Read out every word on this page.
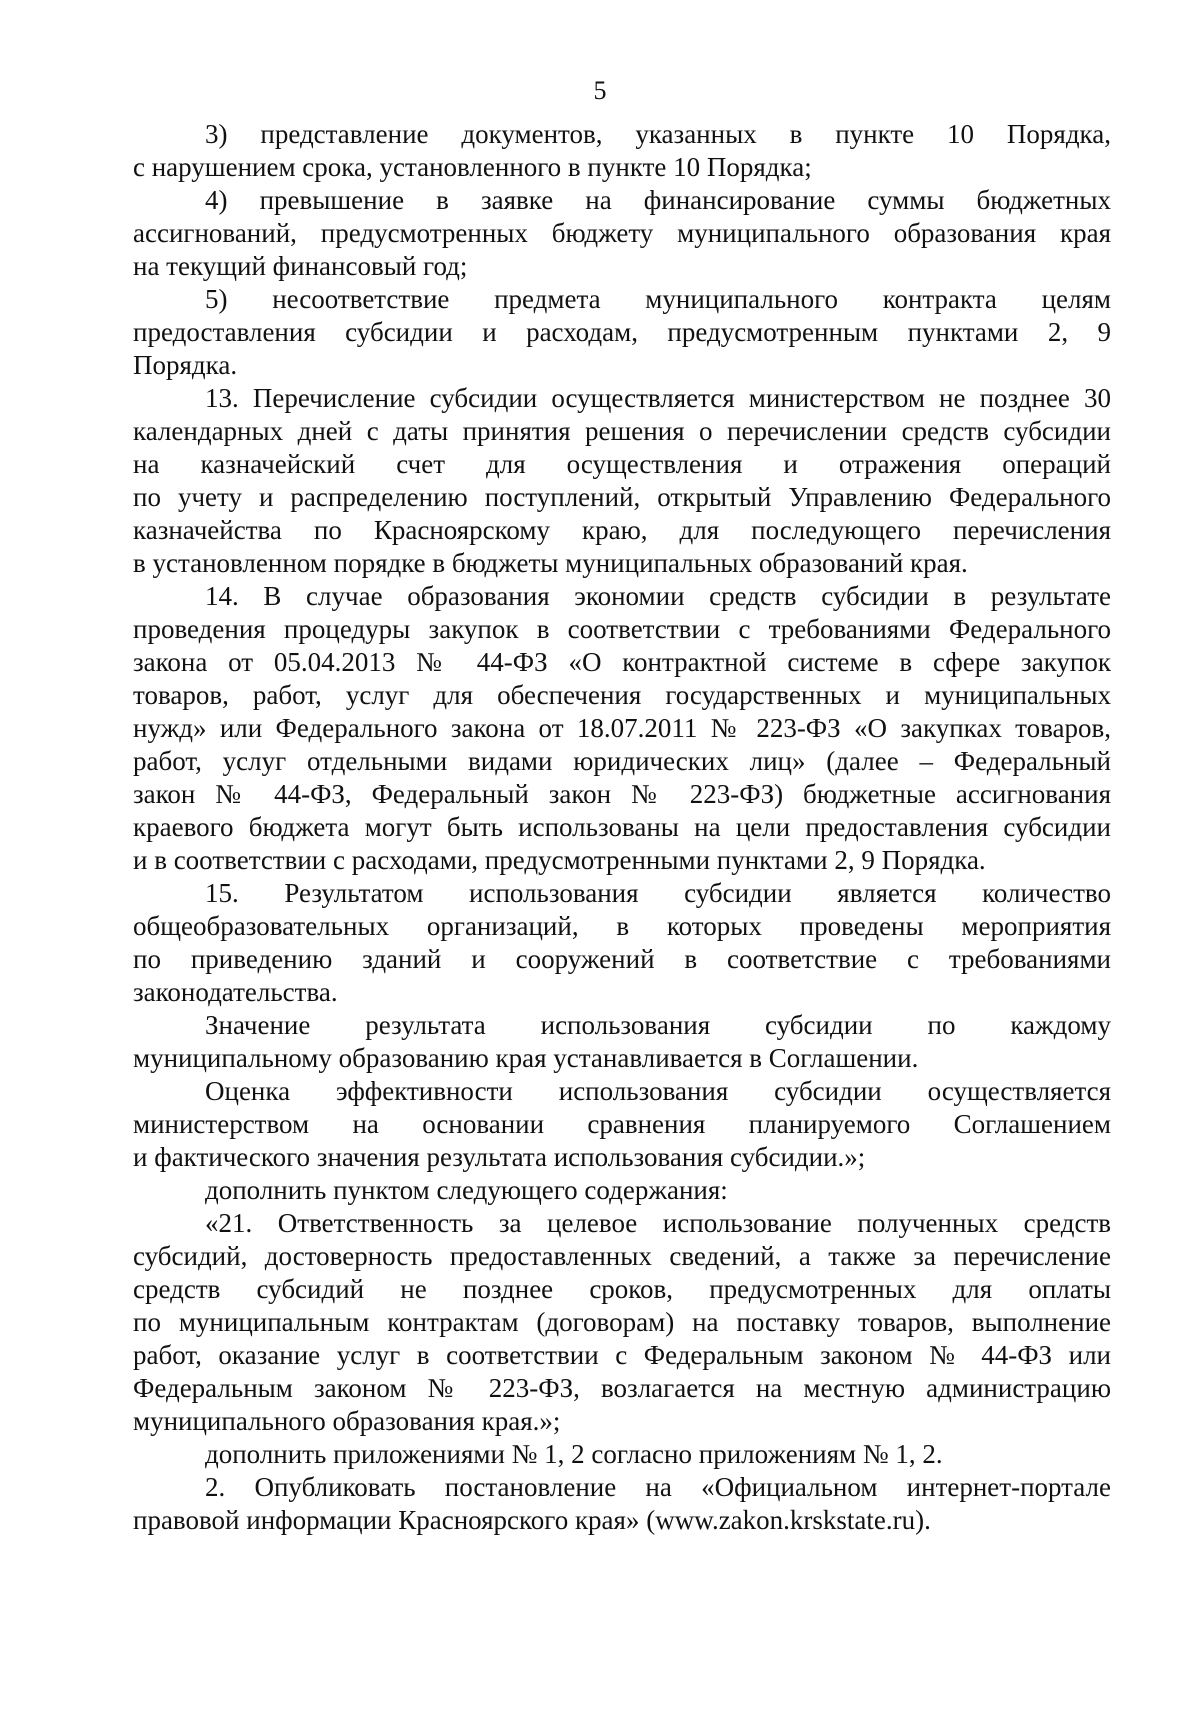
5

3) представление документов, указанных в пункте 10 Порядка,
с нарушением срока, установленного в пункте 10 Порядка;

4) превышение в заявке на финансирование суммы бюджетных
ассигнований, предусмотренных бюджету муниципального образования края
на текущий финансовый год;

5) несоответствие предмета муниципального контракта целям
предоставления субсидии и расходам, предусмотренным пунктами 2, 9
Порядка.

13. Перечисление субсидии осуществляется министерством не позднее 30
календарных дней с даты принятия решения о перечислении средств субсидии
на казначейский счет для осуществления и отражения операций
по учету и распределению поступлений, открытый Управлению Федерального
казначейства по Красноярскому краю, для последующего перечисления
в установленном порядке в бюджеты муниципальных образований края.

14. В случае образования экономии средств субсидии в результате
проведения процедуры закупок в соответствии с требованиями Федерального
закона от 05.04.2013 № 44-ФЗ «О контрактной системе в сфере закупок
товаров, работ, услуг для обеспечения государственных и муниципальных
нужд» или Федерального закона от 18.07.2011 № 223-ФЗ «О закупках товаров,
работ, услуг отдельными видами юридических лиц» (далее – Федеральный
закон № 44-ФЗ, Федеральный закон № 223-ФЗ) бюджетные ассигнования
краевого бюджета могут быть использованы на цели предоставления субсидии
и в соответствии с расходами, предусмотренными пунктами 2, 9 Порядка.

15. Результатом использования субсидии является количество
общеобразовательных организаций, в которых проведены мероприятия
по приведению зданий и сооружений в соответствие с требованиями
законодательства.

Значение результата использования субсидии по каждому
муниципальному образованию края устанавливается в Соглашении.

Оценка эффективности использования субсидии осуществляется
министерством на основании сравнения планируемого Соглашением
и фактического значения результата использования субсидии.»;

дополнить пунктом следующего содержания:

«21. Ответственность за целевое использование полученных средств
субсидий, достоверность предоставленных сведений, а также за перечисление
средств субсидий не позднее сроков, предусмотренных для оплаты
по муниципальным контрактам (договорам) на поставку товаров, выполнение
работ, оказание услуг в соответствии с Федеральным законом № 44-ФЗ или
Федеральным законом № 223-ФЗ, возлагается на местную администрацию
муниципального образования края.»;

дополнить приложениями № 1, 2 согласно приложениям № 1, 2.

2. Опубликовать постановление на «Официальном интернет-портале
правовой информации Красноярского края» (www.zakon.krskstate.ru).
